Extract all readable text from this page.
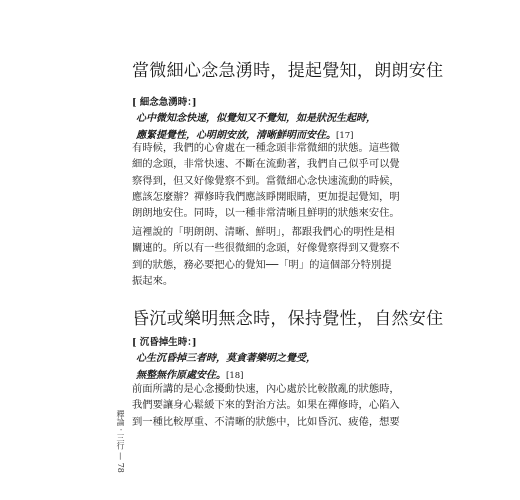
當微細心念急湧時，提起覺知，朗朗安住
[ 細念急湧時：]
心中微知念快速，似覺知又不覺知，如是狀況生起時，
應緊提覺性，心明朗安放，清晰鮮明而安住。[17]
有時候，我們的心會處在一種念頭非常微細的狀態。這些微
細的念頭，非常快速、不斷在流動著，我們自己似乎可以覺
察得到，但又好像覺察不到。當微細心念快速流動的時候，
應該怎麼辦？禪修時我們應該睜開眼睛，更加提起覺知，明
朗朗地安住。同時，以一種非常清晰且鮮明的狀態來安住。
這裡說的「明朗朗、清晰、鮮明」，都跟我們心的明性是相
關連的。所以有一些很微細的念頭，好像覺察得到又覺察不
到的狀態，務必要把心的覺知──「明」的這個部分特別提
振起來。
昏沉或樂明無念時，保持覺性，自然安住
[ 沉昏掉生時：]
心生沉昏掉三者時，莫貪著樂明之覺受，
無整無作原處安住。[18]
前面所講的是心念擾動快速，內心處於比較散亂的狀態時，
我們要讓身心鬆緩下來的對治方法。如果在禪修時，心陷入
到一種比較厚重、不清晰的狀態中，比如昏沉、疲倦，想要
釋論 · 三行 — 78
